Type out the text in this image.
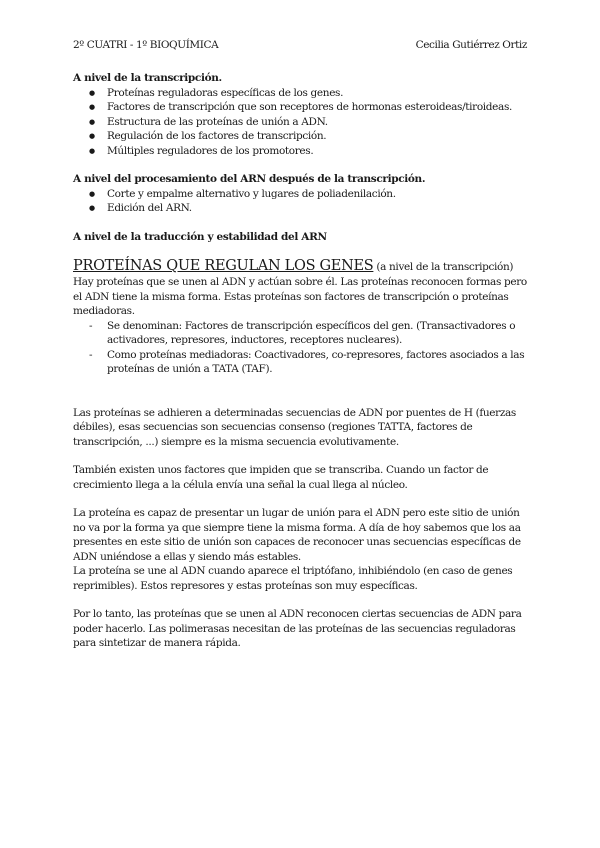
2º CUATRI - 1º BIOQUÍMICA	Cecilia Gutiérrez Ortiz

A nivel de la transcripción.

● Proteínas reguladoras específicas de los genes.
● Factores de transcripción que son receptores de hormonas esteroideas/tiroideas.
● Estructura de las proteínas de unión a ADN.
● Regulación de los factores de transcripción.
● Múltiples reguladores de los promotores.

A nivel del procesamiento del ARN después de la transcripción.

● Corte y empalme alternativo y lugares de poliadenilación.
● Edición del ARN.

A nivel de la traducción y estabilidad del ARN

PROTEÍNAS QUE REGULAN LOS GENES (a nivel de la transcripción)

Hay proteínas que se unen al ADN y actúan sobre él. Las proteínas reconocen formas pero el ADN tiene la misma forma. Estas proteínas son factores de transcripción o proteínas mediadoras.

- Se denominan: Factores de transcripción específicos del gen. (Transactivadores o activadores, represores, inductores, receptores nucleares).
- Como proteínas mediadoras: Coactivadores, co-represores, factores asociados a las proteínas de unión a TATA (TAF).

Las proteínas se adhieren a determinadas secuencias de ADN por puentes de H (fuerzas débiles), esas secuencias son secuencias consenso (regiones TATTA, factores de transcripción, ...) siempre es la misma secuencia evolutivamente.

También existen unos factores que impiden que se transcriba. Cuando un factor de crecimiento llega a la célula envía una señal la cual llega al núcleo.

La proteína es capaz de presentar un lugar de unión para el ADN pero este sitio de unión no va por la forma ya que siempre tiene la misma forma. A día de hoy sabemos que los aa presentes en este sitio de unión son capaces de reconocer unas secuencias específicas de ADN uniéndose a ellas y siendo más estables.

La proteína se une al ADN cuando aparece el triptófano, inhibiéndolo (en caso de genes reprimibles). Estos represores y estas proteínas son muy específicas.

Por lo tanto, las proteínas que se unen al ADN reconocen ciertas secuencias de ADN para poder hacerlo. Las polimerasas necesitan de las proteínas de las secuencias reguladoras para sintetizar de manera rápida.
